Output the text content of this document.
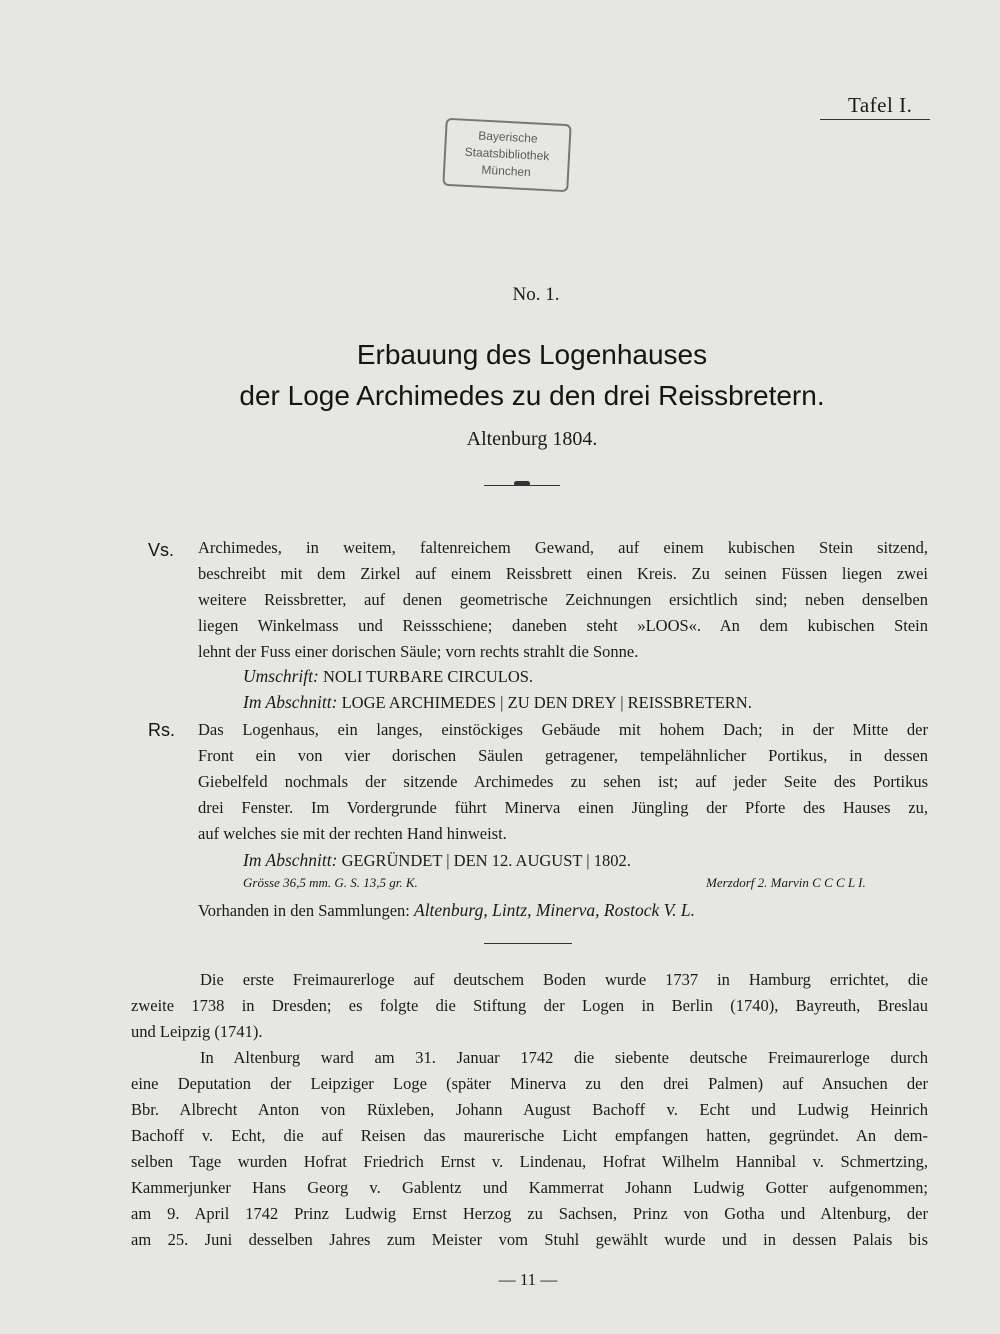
Tafel I.
Bayerische
Staatsbibliothek
München
No. 1.
Erbauung des Logenhauses
der Loge Archimedes zu den drei Reissbretern.
Altenburg 1804.
Vs. Archimedes, in weitem, faltenreichem Gewand, auf einem kubischen Stein sitzend,
beschreibt mit dem Zirkel auf einem Reissbrett einen Kreis. Zu seinen Füssen liegen zwei
weitere Reissbretter, auf denen geometrische Zeichnungen ersichtlich sind; neben denselben
liegen Winkelmass und Reissschiene; daneben steht »LOOS«. An dem kubischen Stein
lehnt der Fuss einer dorischen Säule; vorn rechts strahlt die Sonne.
Umschrift: NOLI TURBARE CIRCULOS.
Im Abschnitt: LOGE ARCHIMEDES | ZU DEN DREY | REISSBRETERN.
Rs. Das Logenhaus, ein langes, einstöckiges Gebäude mit hohem Dach; in der Mitte der
Front ein von vier dorischen Säulen getragener, tempelähnlicher Portikus, in dessen
Giebelfeld nochmals der sitzende Archimedes zu sehen ist; auf jeder Seite des Portikus
drei Fenster. Im Vordergrunde führt Minerva einen Jüngling der Pforte des Hauses zu,
auf welches sie mit der rechten Hand hinweist.
Im Abschnitt: GEGRÜNDET | DEN 12. AUGUST | 1802.
Grösse 36,5 mm. G. S. 13,5 gr. K.	Merzdorf 2. Marvin C C C L I.
Vorhanden in den Sammlungen: Altenburg, Lintz, Minerva, Rostock V. L.
Die erste Freimaurerloge auf deutschem Boden wurde 1737 in Hamburg errichtet, die
zweite 1738 in Dresden; es folgte die Stiftung der Logen in Berlin (1740), Bayreuth, Breslau
und Leipzig (1741).
In Altenburg ward am 31. Januar 1742 die siebente deutsche Freimaurerloge durch
eine Deputation der Leipziger Loge (später Minerva zu den drei Palmen) auf Ansuchen der
Bbr. Albrecht Anton von Rüxleben, Johann August Bachoff v. Echt und Ludwig Heinrich
Bachoff v. Echt, die auf Reisen das maurerische Licht empfangen hatten, gegründet. An dem-
selben Tage wurden Hofrat Friedrich Ernst v. Lindenau, Hofrat Wilhelm Hannibal v. Schmertzing,
Kammerjunker Hans Georg v. Gablentz und Kammerrat Johann Ludwig Gotter aufgenommen;
am 9. April 1742 Prinz Ludwig Ernst Herzog zu Sachsen, Prinz von Gotha und Altenburg, der
am 25. Juni desselben Jahres zum Meister vom Stuhl gewählt wurde und in dessen Palais bis
— 11 —
